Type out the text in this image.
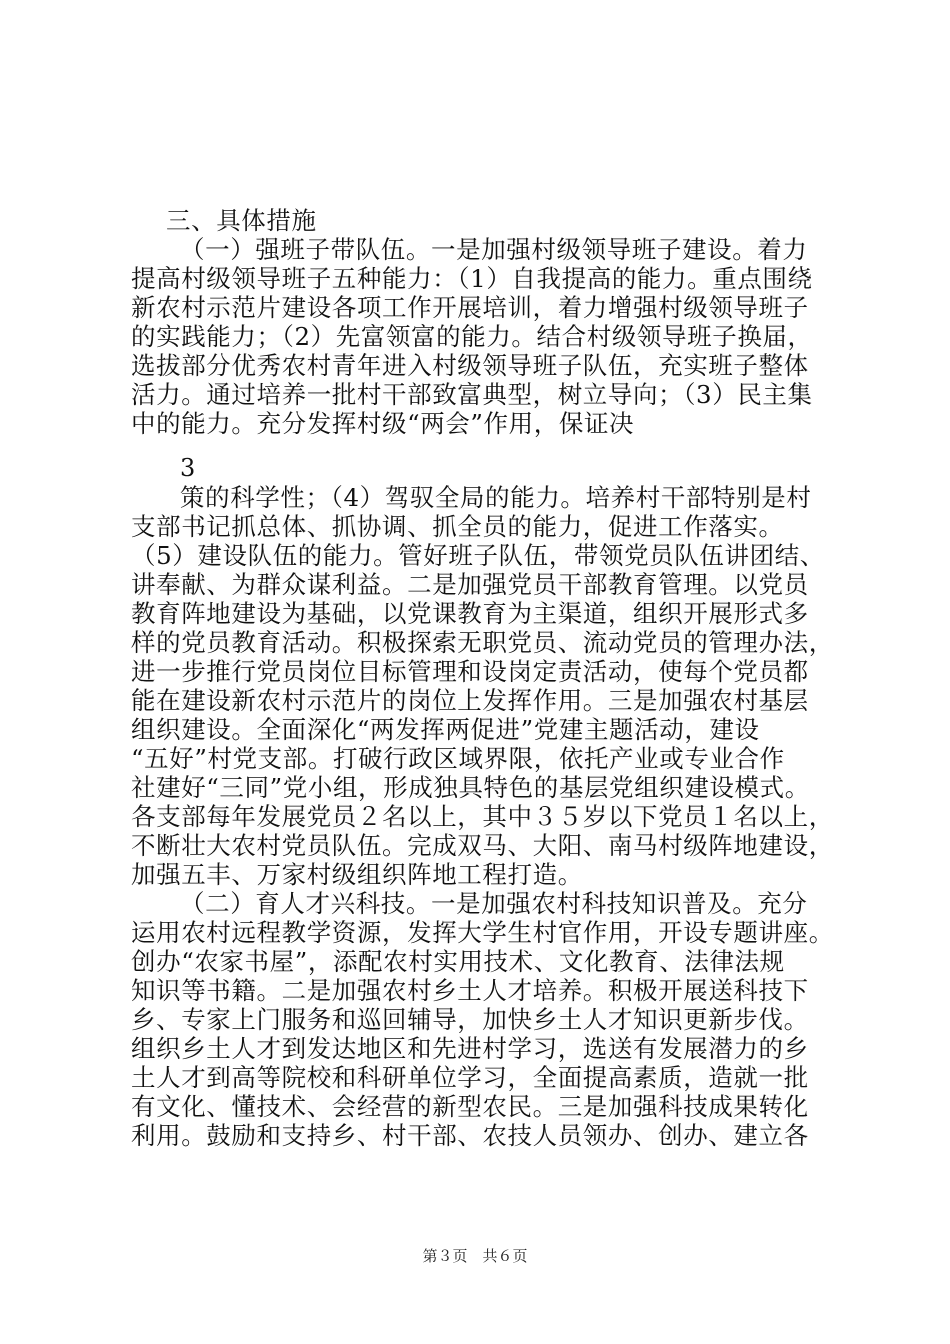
三、具体措施
（一）强班子带队伍。一是加强村级领导班子建设。着力
提高村级领导班子五种能力：（1）自我提高的能力。重点围绕
新农村示范片建设各项工作开展培训，着力增强村级领导班子
的实践能力；（2）先富领富的能力。结合村级领导班子换届，
选拔部分优秀农村青年进入村级领导班子队伍，充实班子整体
活力。通过培养一批村干部致富典型，树立导向；（3）民主集
中的能力。充分发挥村级“两会”作用，保证决
3
策的科学性；（4）驾驭全局的能力。培养村干部特别是村
支部书记抓总体、抓协调、抓全员的能力，促进工作落实。
（5）建设队伍的能力。管好班子队伍，带领党员队伍讲团结、
讲奉献、为群众谋利益。二是加强党员干部教育管理。以党员
教育阵地建设为基础，以党课教育为主渠道，组织开展形式多
样的党员教育活动。积极探索无职党员、流动党员的管理办法，
进一步推行党员岗位目标管理和设岗定责活动，使每个党员都
能在建设新农村示范片的岗位上发挥作用。三是加强农村基层
组织建设。全面深化“两发挥两促进”党建主题活动，建设
“五好”村党支部。打破行政区域界限，依托产业或专业合作
社建好“三同”党小组，形成独具特色的基层党组织建设模式。
各支部每年发展党员２名以上，其中３５岁以下党员１名以上，
不断壮大农村党员队伍。完成双马、大阳、南马村级阵地建设，
加强五丰、万家村级组织阵地工程打造。
（二）育人才兴科技。一是加强农村科技知识普及。充分
运用农村远程教学资源，发挥大学生村官作用，开设专题讲座。
创办“农家书屋”，添配农村实用技术、文化教育、法律法规
知识等书籍。二是加强农村乡土人才培养。积极开展送科技下
乡、专家上门服务和巡回辅导，加快乡土人才知识更新步伐。
组织乡土人才到发达地区和先进村学习，选送有发展潜力的乡
土人才到高等院校和科研单位学习，全面提高素质，造就一批
有文化、懂技术、会经营的新型农民。三是加强科技成果转化
利用。鼓励和支持乡、村干部、农技人员领办、创办、建立各
第３页　共６页
